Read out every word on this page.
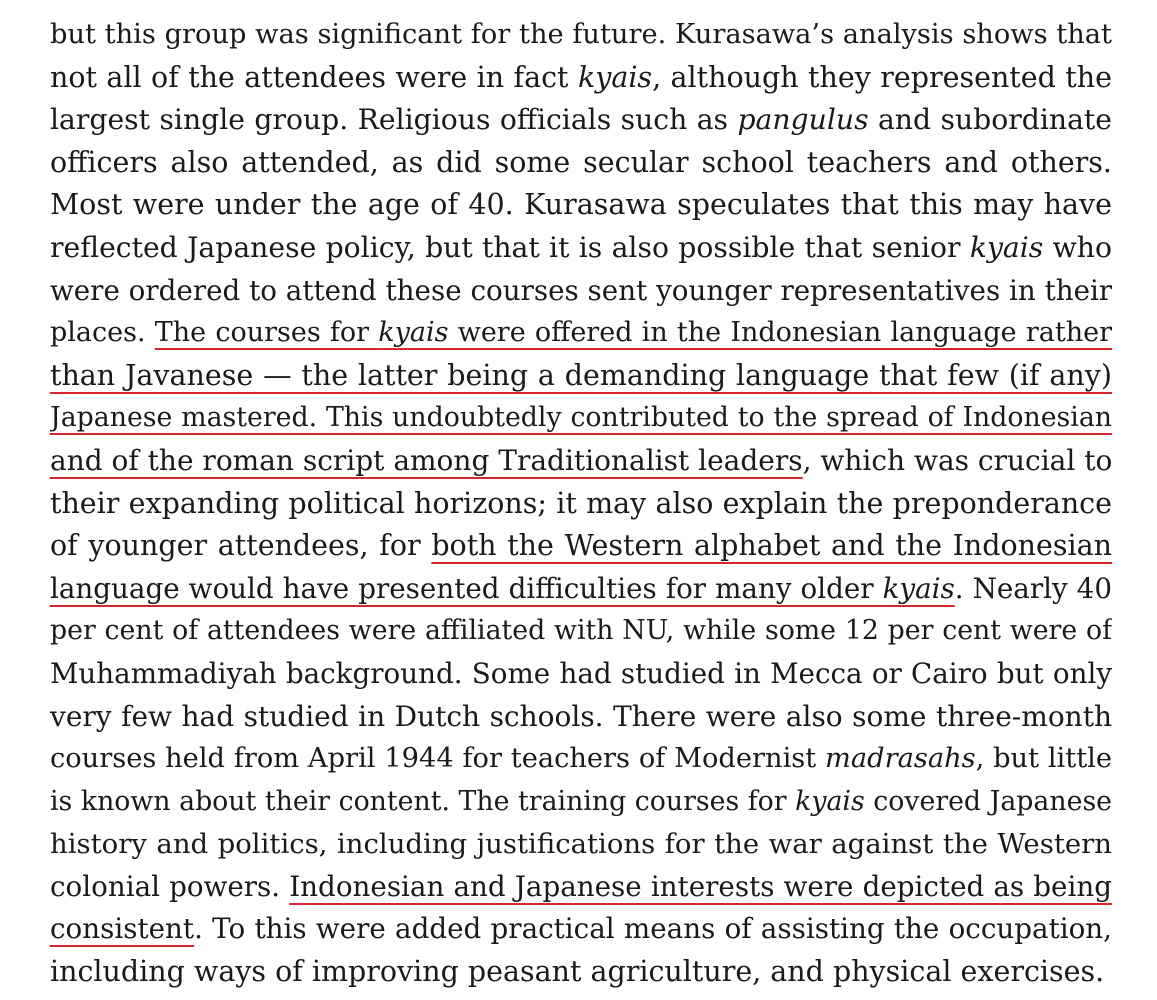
but this group was significant for the future. Kurasawa’s analysis shows that
not all of the attendees were in fact kyais, although they represented the
largest single group. Religious officials such as pangulus and subordinate
officers also attended, as did some secular school teachers and others.
Most were under the age of 40. Kurasawa speculates that this may have
reflected Japanese policy, but that it is also possible that senior kyais who
were ordered to attend these courses sent younger representatives in their
places. The courses for kyais were offered in the Indonesian language rather
than Javanese — the latter being a demanding language that few (if any)
Japanese mastered. This undoubtedly contributed to the spread of Indonesian
and of the roman script among Traditionalist leaders, which was crucial to
their expanding political horizons; it may also explain the preponderance
of younger attendees, for both the Western alphabet and the Indonesian
language would have presented difficulties for many older kyais. Nearly 40
per cent of attendees were affiliated with NU, while some 12 per cent were of
Muhammadiyah background. Some had studied in Mecca or Cairo but only
very few had studied in Dutch schools. There were also some three-month
courses held from April 1944 for teachers of Modernist madrasahs, but little
is known about their content. The training courses for kyais covered Japanese
history and politics, including justifications for the war against the Western
colonial powers. Indonesian and Japanese interests were depicted as being
consistent. To this were added practical means of assisting the occupation,
including ways of improving peasant agriculture, and physical exercises.
